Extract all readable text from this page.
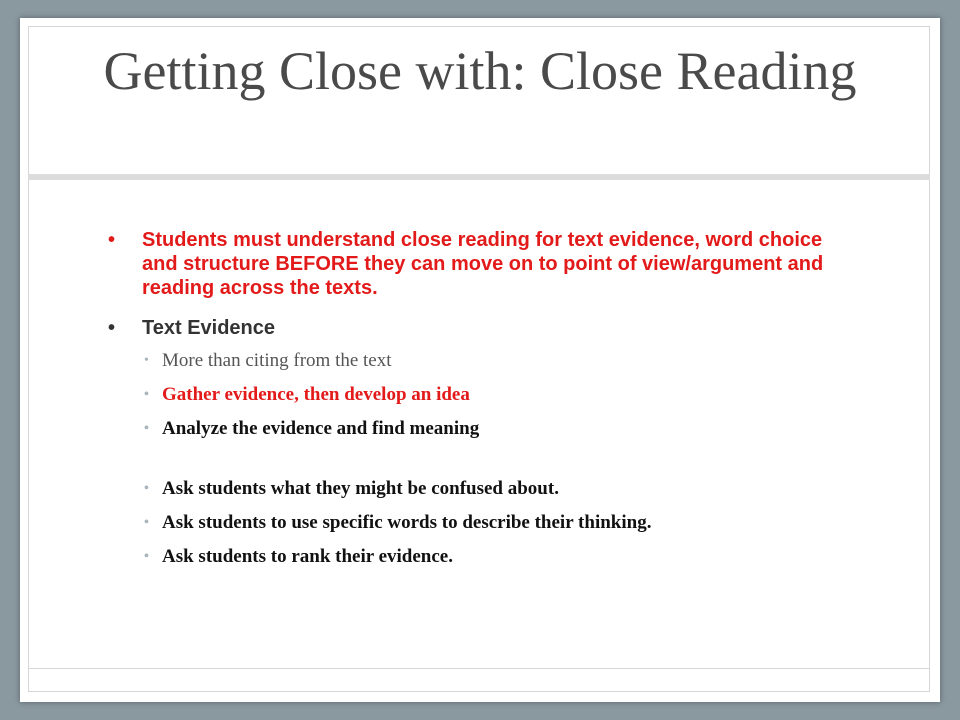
Getting Close with: Close Reading
• Students must understand close reading for text evidence, word choice and structure BEFORE they can move on to point of view/argument and reading across the texts.
• Text Evidence
• More than citing from the text
• Gather evidence, then develop an idea
• Analyze the evidence and find meaning
• Ask students what they might be confused about.
• Ask students to use specific words to describe their thinking.
• Ask students to rank their evidence.
